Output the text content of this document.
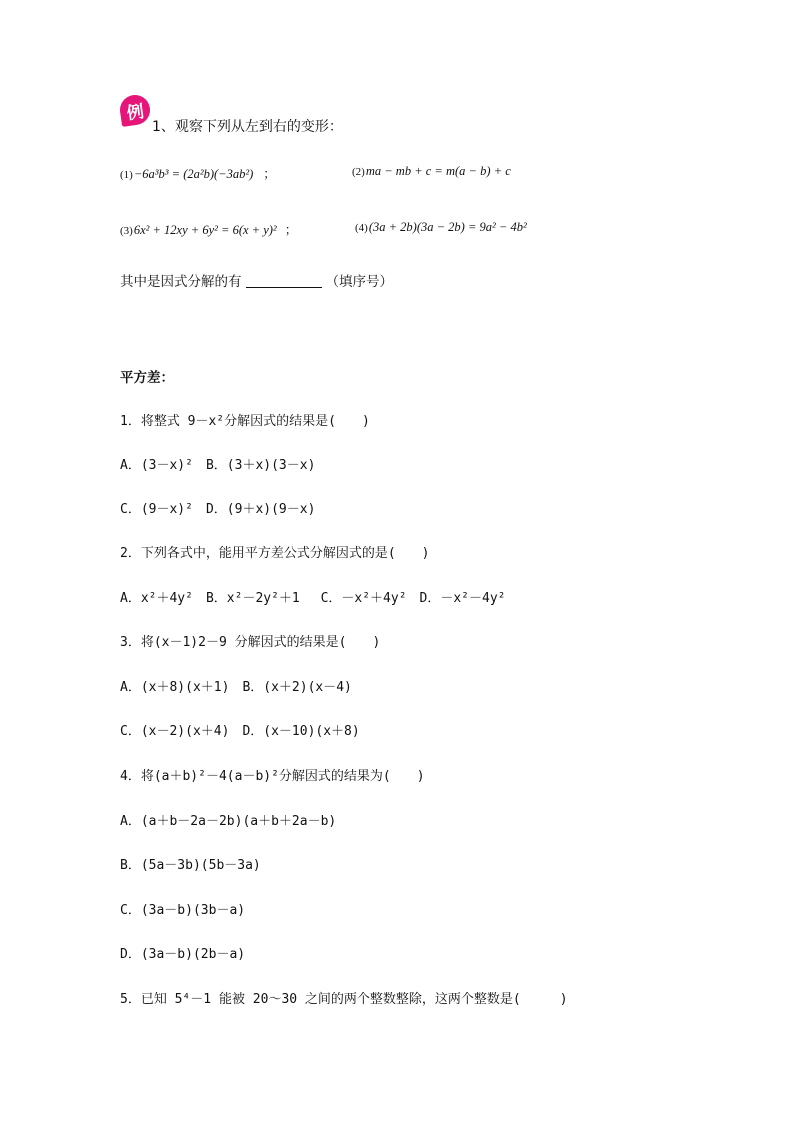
例
1、观察下列从左到右的变形：
(1)−6a³b³ = (2a²b)(−3ab²) ；	(2)ma − mb + c = m(a − b) + c
(3)6x² + 12xy + 6y² = 6(x + y)² ；	(4)(3a + 2b)(3a − 2b) = 9a² − 4b²
其中是因式分解的有	（填序号）
平方差：
1．将整式 9－x²分解因式的结果是(　　)
A．(3－x)²　B．(3＋x)(3－x)
C．(9－x)²　D．(9＋x)(9－x)
2．下列各式中，能用平方差公式分解因式的是(　　)
A．x²＋4y²　B．x²－2y²＋1　 C．－x²＋4y²　D．－x²－4y²
3．将(x－1)2－9 分解因式的结果是(　　)
A．(x＋8)(x＋1)　B．(x＋2)(x－4)
C．(x－2)(x＋4)　D．(x－10)(x＋8)
4．将(a＋b)²－4(a－b)²分解因式的结果为(　　)
A．(a＋b－2a－2b)(a＋b＋2a－b)
B．(5a－3b)(5b－3a)
C．(3a－b)(3b－a)
D．(3a－b)(2b－a)
5．已知 5⁴－1 能被 20～30 之间的两个整数整除，这两个整数是(　　　)
